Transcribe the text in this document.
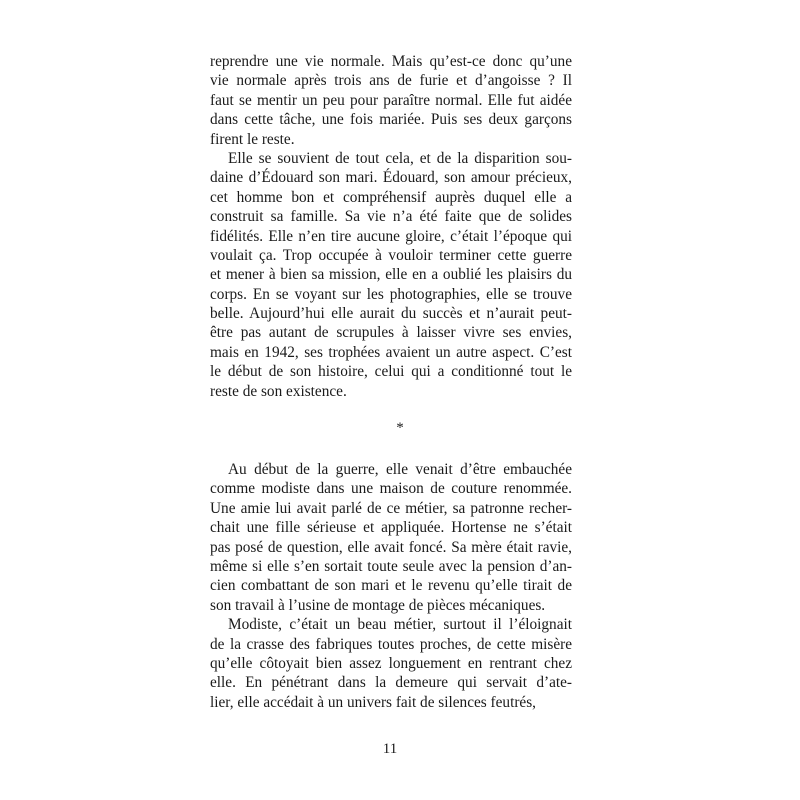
reprendre une vie normale. Mais qu’est-ce donc qu’une
vie normale après trois ans de furie et d’angoisse ? Il
faut se mentir un peu pour paraître normal. Elle fut aidée
dans cette tâche, une fois mariée. Puis ses deux garçons
firent le reste.
Elle se souvient de tout cela, et de la disparition sou-
daine d’Édouard son mari. Édouard, son amour précieux,
cet homme bon et compréhensif auprès duquel elle a
construit sa famille. Sa vie n’a été faite que de solides
fidélités. Elle n’en tire aucune gloire, c’était l’époque qui
voulait ça. Trop occupée à vouloir terminer cette guerre
et mener à bien sa mission, elle en a oublié les plaisirs du
corps. En se voyant sur les photographies, elle se trouve
belle. Aujourd’hui elle aurait du succès et n’aurait peut-
être pas autant de scrupules à laisser vivre ses envies,
mais en 1942, ses trophées avaient un autre aspect. C’est
le début de son histoire, celui qui a conditionné tout le
reste de son existence.
*
Au début de la guerre, elle venait d’être embauchée
comme modiste dans une maison de couture renommée.
Une amie lui avait parlé de ce métier, sa patronne recher-
chait une fille sérieuse et appliquée. Hortense ne s’était
pas posé de question, elle avait foncé. Sa mère était ravie,
même si elle s’en sortait toute seule avec la pension d’an-
cien combattant de son mari et le revenu qu’elle tirait de
son travail à l’usine de montage de pièces mécaniques.
Modiste, c’était un beau métier, surtout il l’éloignait
de la crasse des fabriques toutes proches, de cette misère
qu’elle côtoyait bien assez longuement en rentrant chez
elle. En pénétrant dans la demeure qui servait d’ate-
lier, elle accédait à un univers fait de silences feutrés,
11
